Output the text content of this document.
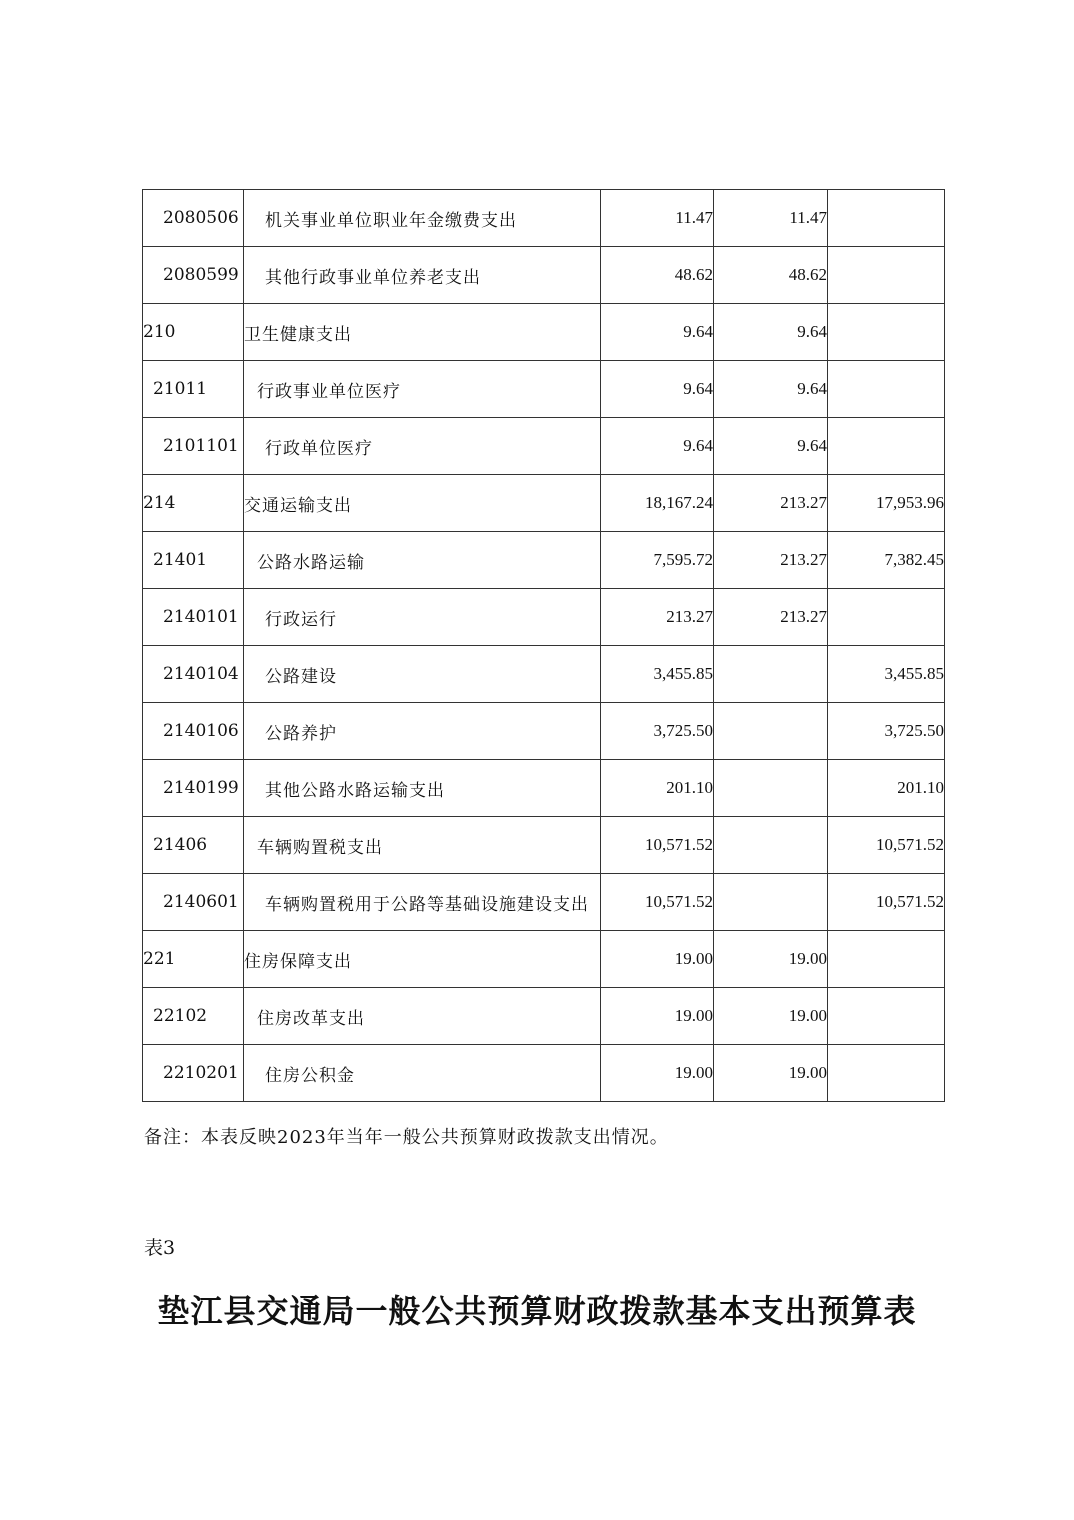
2080506	机关事业单位职业年金缴费支出	11.47	11.47	
2080599	其他行政事业单位养老支出	48.62	48.62	
210	卫生健康支出	9.64	9.64	
21011	行政事业单位医疗	9.64	9.64	
2101101	行政单位医疗	9.64	9.64	
214	交通运输支出	18,167.24	213.27	17,953.96
21401	公路水路运输	7,595.72	213.27	7,382.45
2140101	行政运行	213.27	213.27	
2140104	公路建设	3,455.85		3,455.85
2140106	公路养护	3,725.50		3,725.50
2140199	其他公路水路运输支出	201.10		201.10
21406	车辆购置税支出	10,571.52		10,571.52
2140601	车辆购置税用于公路等基础设施建设支出	10,571.52		10,571.52
221	住房保障支出	19.00	19.00	
22102	住房改革支出	19.00	19.00	
2210201	住房公积金	19.00	19.00	
备注：本表反映2023年当年一般公共预算财政拨款支出情况。
表3
垫江县交通局一般公共预算财政拨款基本支出预算表
